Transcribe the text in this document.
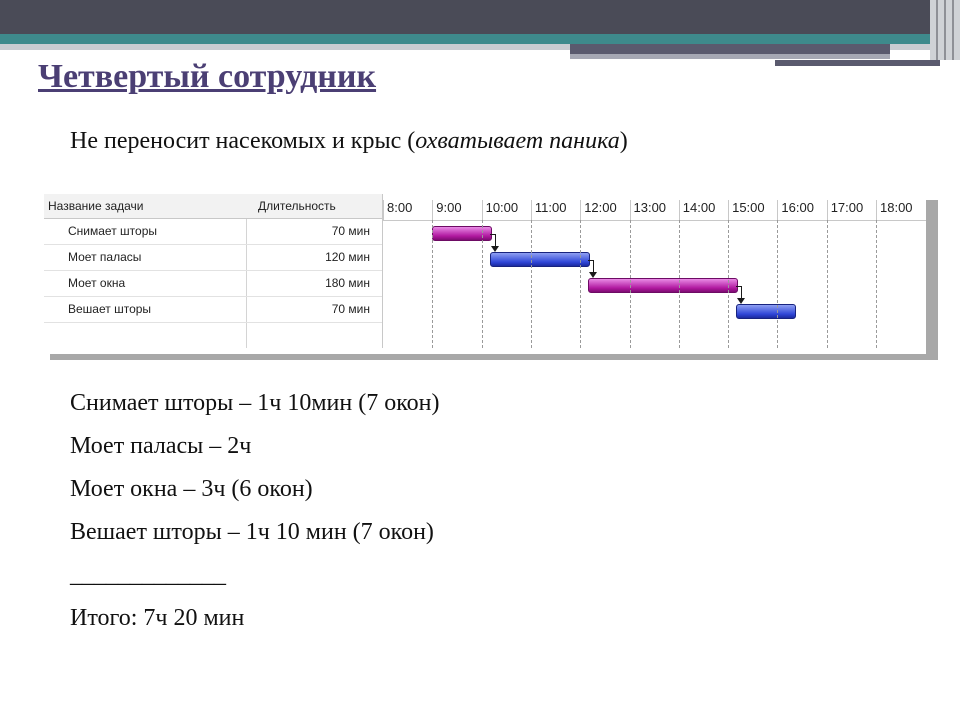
Четвертый сотрудник
Не переносит насекомых и крыс (охватывает паника)
Название задачи	Длительность
Снимает шторы	70 мин
Моет паласы	120 мин
Моет окна	180 мин
Вешает шторы	70 мин
8:00	9:00	10:00	11:00	12:00	13:00	14:00	15:00	16:00	17:00	18:00
Снимает шторы – 1ч 10мин (7 окон)
Моет паласы – 2ч
Моет окна – 3ч (6 окон)
Вешает шторы – 1ч 10 мин (7 окон)
_____________
Итого: 7ч 20 мин
